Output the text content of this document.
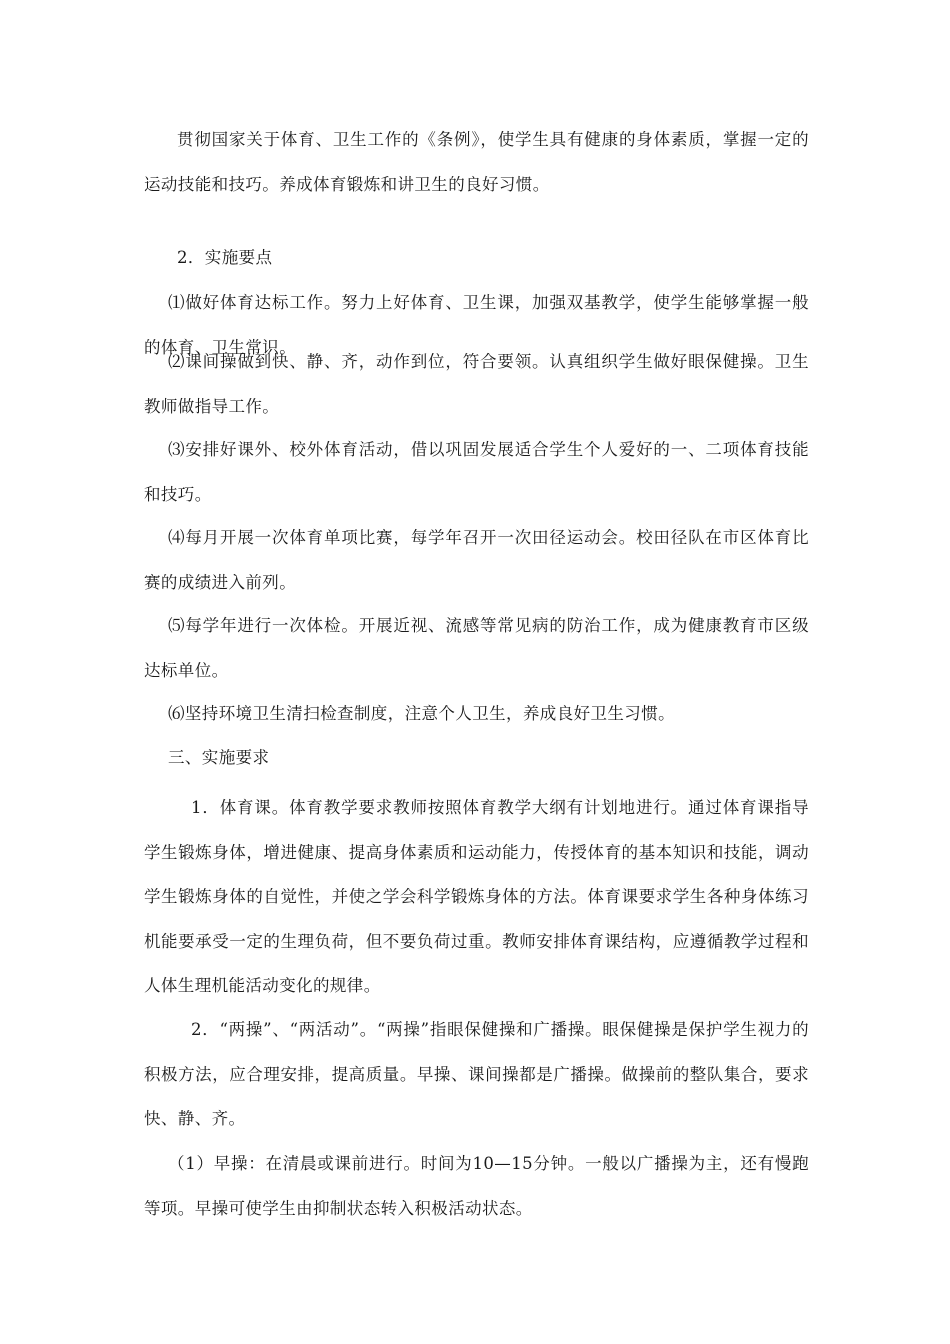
贯彻国家关于体育、卫生工作的《条例》，使学生具有健康的身体素质，掌握一定的运动技能和技巧。养成体育锻炼和讲卫生的良好习惯。

2．实施要点

⑴做好体育达标工作。努力上好体育、卫生课，加强双基教学，使学生能够掌握一般的体育、卫生常识。

⑵课间操做到快、静、齐，动作到位，符合要领。认真组织学生做好眼保健操。卫生教师做指导工作。

⑶安排好课外、校外体育活动，借以巩固发展适合学生个人爱好的一、二项体育技能和技巧。

⑷每月开展一次体育单项比赛，每学年召开一次田径运动会。校田径队在市区体育比赛的成绩进入前列。

⑸每学年进行一次体检。开展近视、流感等常见病的防治工作，成为健康教育市区级达标单位。

⑹坚持环境卫生清扫检查制度，注意个人卫生，养成良好卫生习惯。

三、实施要求

1．体育课。体育教学要求教师按照体育教学大纲有计划地进行。通过体育课指导学生锻炼身体，增进健康、提高身体素质和运动能力，传授体育的基本知识和技能，调动学生锻炼身体的自觉性，并使之学会科学锻炼身体的方法。体育课要求学生各种身体练习机能要承受一定的生理负荷，但不要负荷过重。教师安排体育课结构，应遵循教学过程和人体生理机能活动变化的规律。

2．“两操”、“两活动”。“两操”指眼保健操和广播操。眼保健操是保护学生视力的积极方法，应合理安排，提高质量。早操、课间操都是广播操。做操前的整队集合，要求快、静、齐。

（1）早操：在清晨或课前进行。时间为10—15分钟。一般以广播操为主，还有慢跑等项。早操可使学生由抑制状态转入积极活动状态。
